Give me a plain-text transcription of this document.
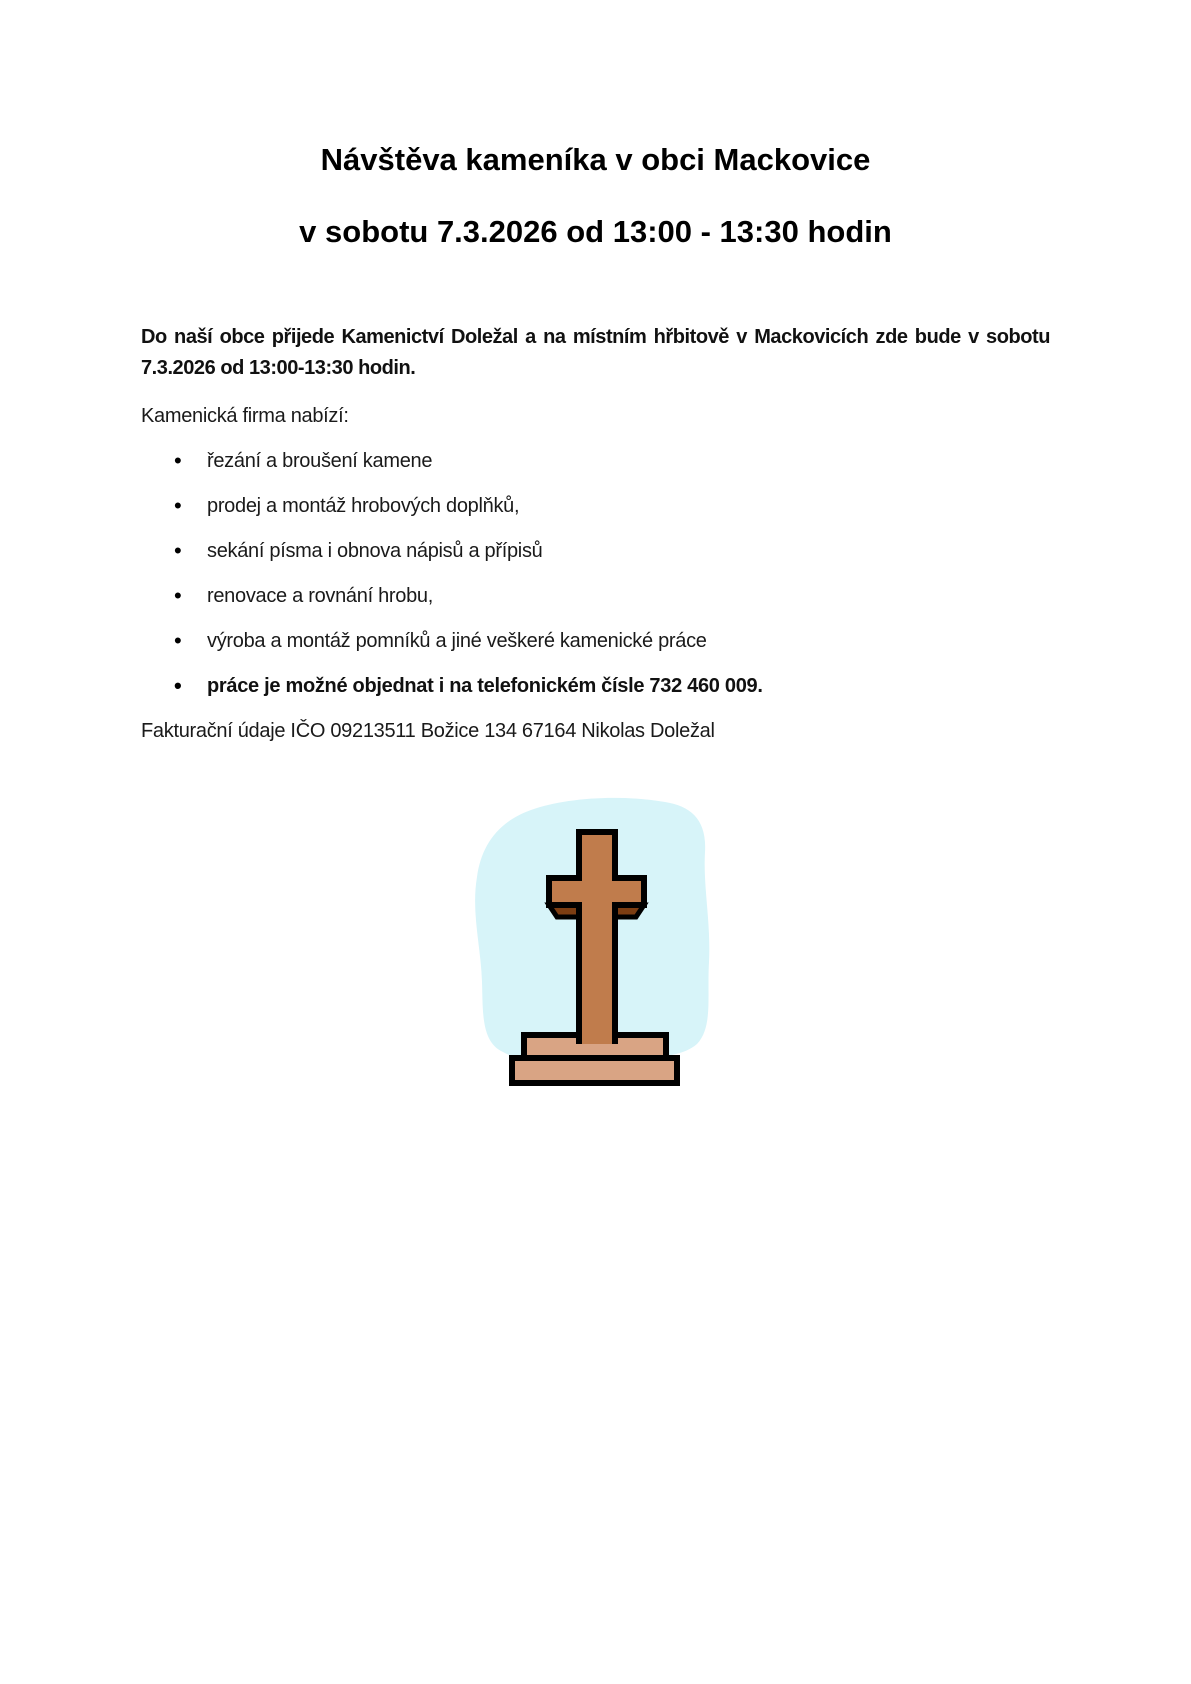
Návštěva kameníka v obci Mackovice
v sobotu 7.3.2026 od 13:00 - 13:30 hodin

Do naší obce přijede Kamenictví Doležal a na místním hřbitově v Mackovicích zde bude v sobotu 7.3.2026 od 13:00-13:30 hodin.

Kamenická firma nabízí:

• řezání a broušení kamene
• prodej a montáž hrobových doplňků,
• sekání písma i obnova nápisů a přípisů
• renovace a rovnání hrobu,
• výroba a montáž pomníků a jiné veškeré kamenické práce
• práce je možné objednat i na telefonickém čísle 732 460 009.

Fakturační údaje IČO 09213511 Božice 134 67164 Nikolas Doležal
